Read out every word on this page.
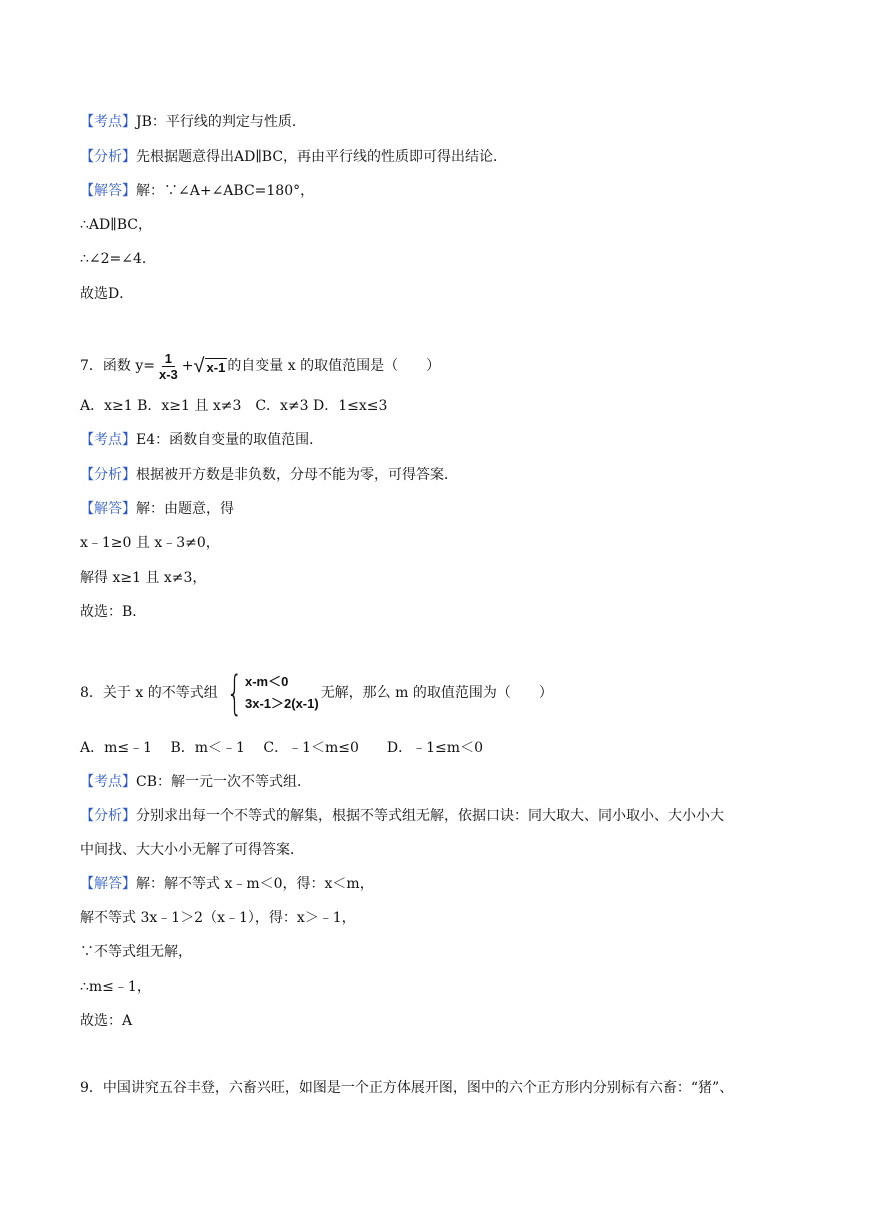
【考点】JB：平行线的判定与性质．
【分析】先根据题意得出AD∥BC，再由平行线的性质即可得出结论．
【解答】解：∵∠A+∠ABC=180°，
∴AD∥BC，
∴∠2=∠4．
故选D．
7．函数 $y= \frac{1}{x-3}$ + √ x-1 的自变量 x 的取值范围是（　　）
A．x≥1 B．x≥1 且 x≠3　C．x≠3 D．1≤x≤3
【考点】E4：函数自变量的取值范围．
【分析】根据被开方数是非负数，分母不能为零，可得答案．
【解答】解：由题意，得
x﹣1≥0 且 x﹣3≠0，
解得 x≥1 且 x≠3，
故选：B．
8．关于 x 的不等式组 { x-m＜0
3x-1＞2(x-1)
无解，那么 m 的取值范围为（　　）
A．m≤﹣1　 B．m＜﹣1　 C．﹣1＜m≤0　　D．﹣1≤m＜0
【考点】CB：解一元一次不等式组．
【分析】分别求出每一个不等式的解集，根据不等式组无解，依据口诀：同大取大、同小取小、大小小大
中间找、大大小小无解了可得答案．
【解答】解：解不等式 x﹣m＜0，得：x＜m，
解不等式 3x﹣1＞2（x﹣1），得：x＞﹣1，
∵不等式组无解，
∴m≤﹣1，
故选：A
9．中国讲究五谷丰登，六畜兴旺，如图是一个正方体展开图，图中的六个正方形内分别标有六畜：“猪”、
